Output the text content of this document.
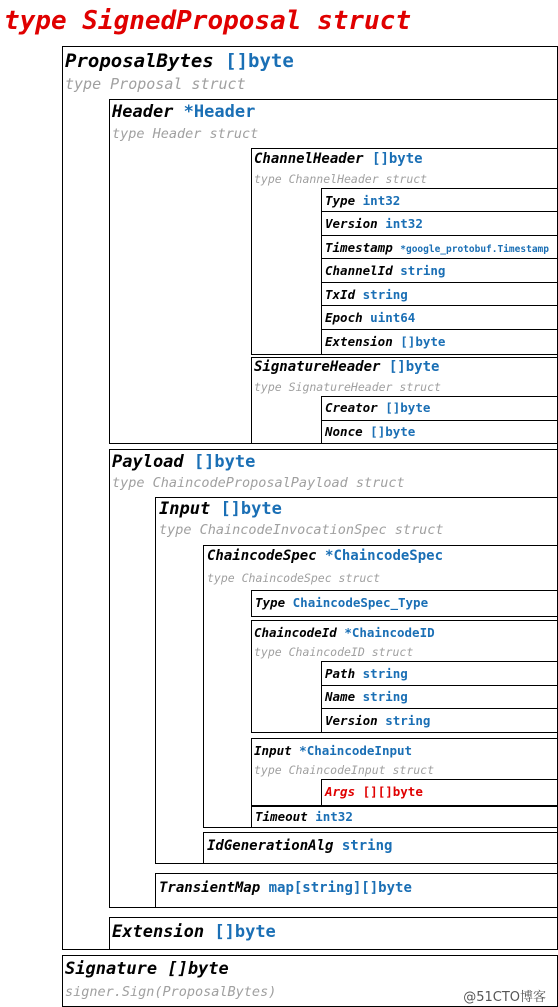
type SignedProposal struct
ProposalBytes []byte
type Proposal struct
Header *Header
type Header struct
ChannelHeader []byte
type ChannelHeader struct
Type int32
Version int32
Timestamp *google_protobuf.Timestamp
ChannelId string
TxId string
Epoch uint64
Extension []byte
SignatureHeader []byte
type SignatureHeader struct
Creator []byte
Nonce []byte
Payload []byte
type ChaincodeProposalPayload struct
Input []byte
type ChaincodeInvocationSpec struct
ChaincodeSpec *ChaincodeSpec
type ChaincodeSpec struct
Type ChaincodeSpec_Type
ChaincodeId *ChaincodeID
type ChaincodeID struct
Path string
Name string
Version string
Input *ChaincodeInput
type ChaincodeInput struct
Args [][]byte
Timeout int32
IdGenerationAlg string
TransientMap map[string][]byte
Extension []byte
Signature []byte
signer.Sign(ProposalBytes)	@51CTO博客
